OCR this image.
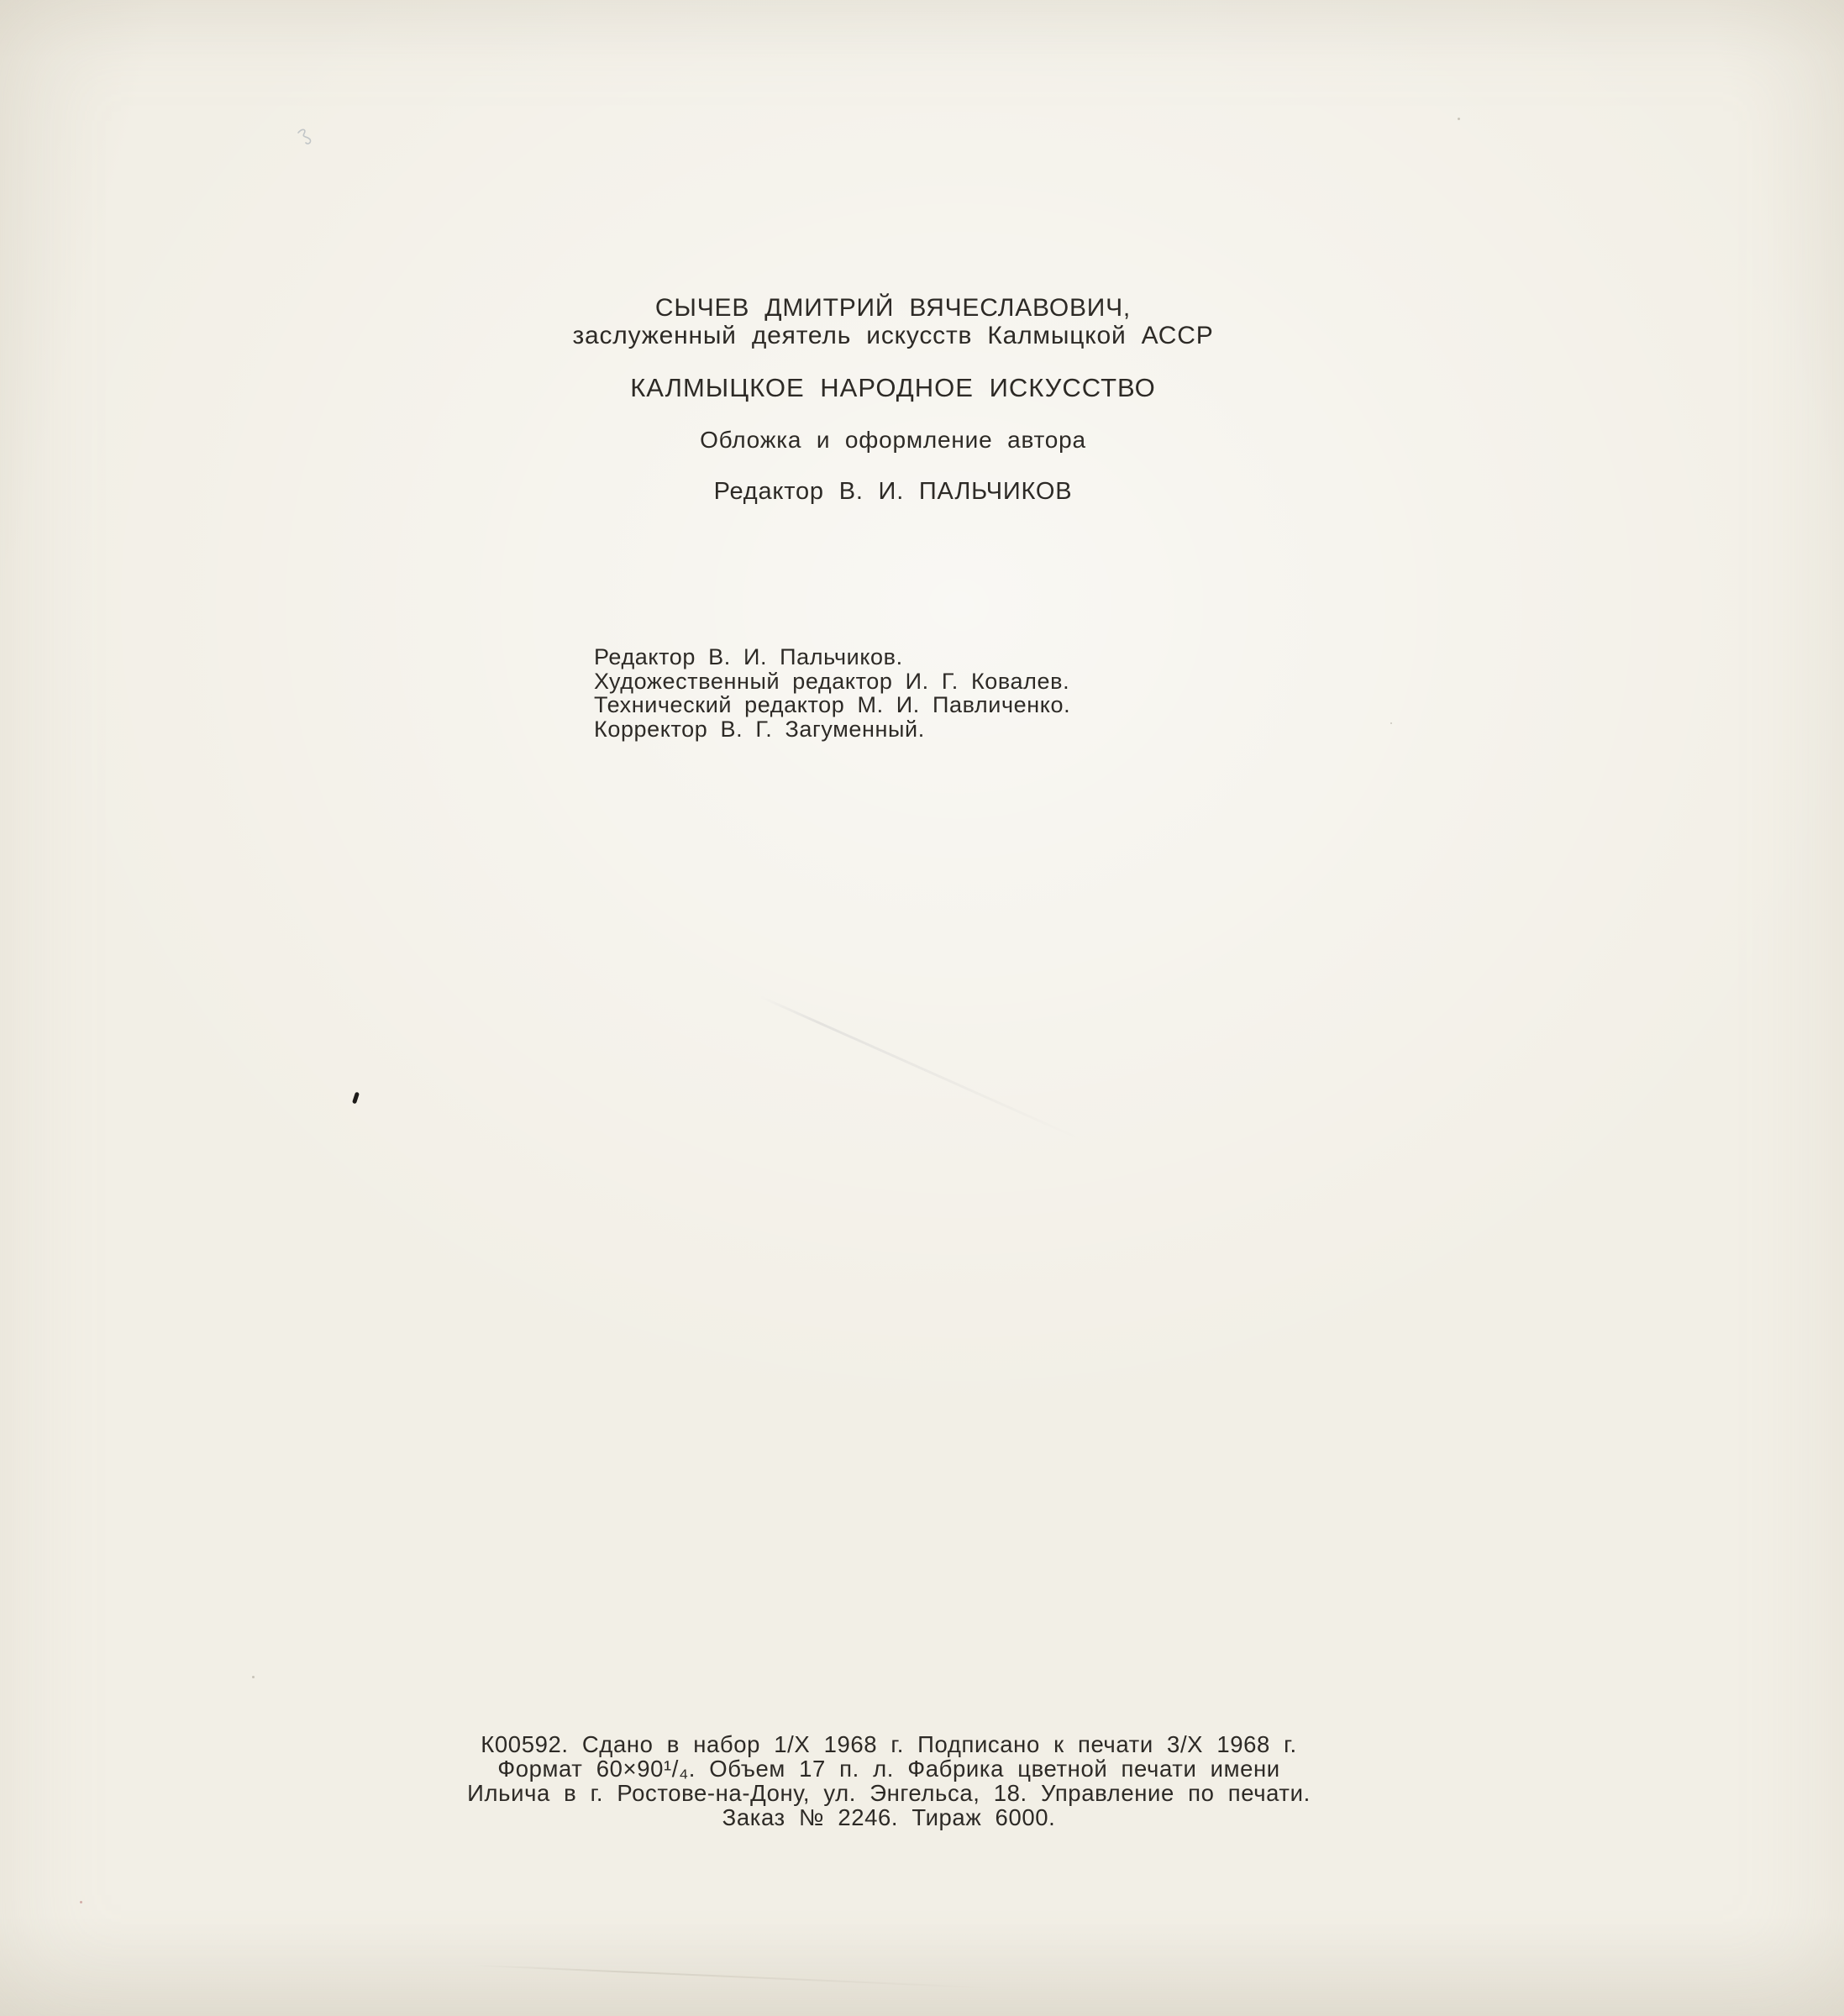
СЫЧЕВ ДМИТРИЙ ВЯЧЕСЛАВОВИЧ,
заслуженный деятель искусств Калмыцкой АССР
КАЛМЫЦКОЕ НАРОДНОЕ ИСКУССТВО
Обложка и оформление автора
Редактор В. И. ПАЛЬЧИКОВ
Редактор В. И. Пальчиков.
Художественный редактор И. Г. Ковалев.
Технический редактор М. И. Павличенко.
Корректор В. Г. Загуменный.
К00592. Сдано в набор 1/X 1968 г. Подписано к печати 3/X 1968 г.
Формат 60×90¹/₄. Объем 17 п. л. Фабрика цветной печати имени
Ильича в г. Ростове-на-Дону, ул. Энгельса, 18. Управление по печати.
Заказ № 2246. Тираж 6000.
